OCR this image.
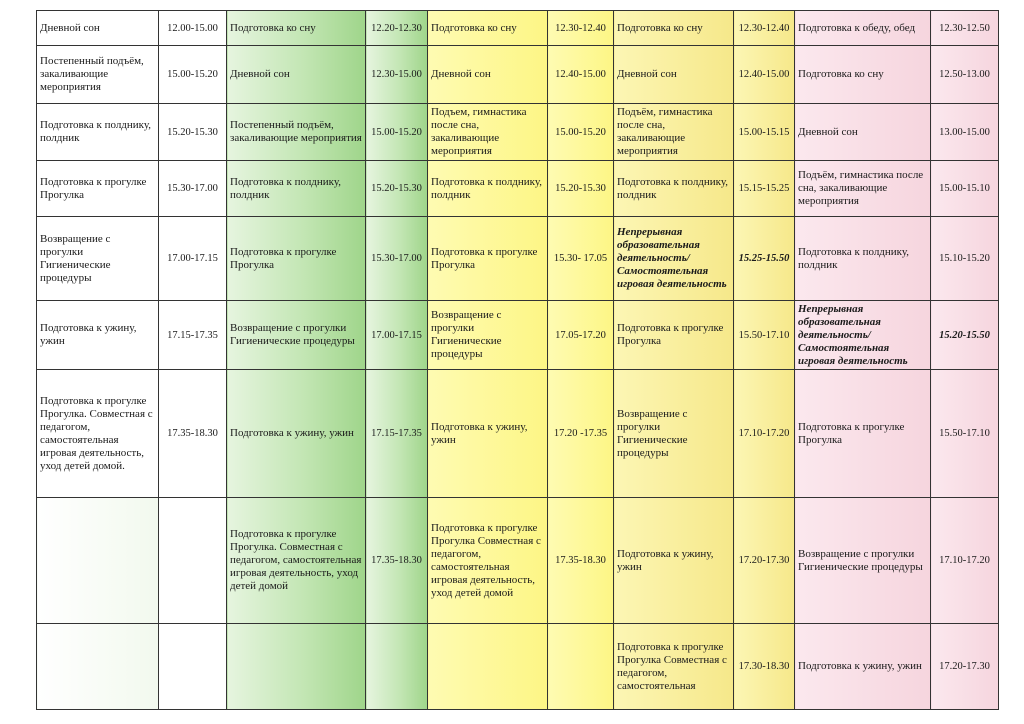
Дневной сон	12.00-15.00	Подготовка ко сну	12.20-12.30	Подготовка ко сну	12.30-12.40	Подготовка ко сну	12.30-12.40	Подготовка к обеду, обед	12.30-12.50
Постепенный подъём, закаливающие мероприятия	15.00-15.20	Дневной сон	12.30-15.00	Дневной сон	12.40-15.00	Дневной сон	12.40-15.00	Подготовка ко сну	12.50-13.00
Подготовка к полднику, полдник	15.20-15.30	Постепенный подъём, закаливающие мероприятия	15.00-15.20	Подъем, гимнастика после сна, закаливающие мероприятия	15.00-15.20	Подъём, гимнастика после сна, закаливающие мероприятия	15.00-15.15	Дневной сон	13.00-15.00
Подготовка к прогулке Прогулка	15.30-17.00	Подготовка к полднику, полдник	15.20-15.30	Подготовка к полднику, полдник	15.20-15.30	Подготовка к полднику, полдник	15.15-15.25	Подъём, гимнастика после сна, закаливающие мероприятия	15.00-15.10
Возвращение с прогулки Гигиенические процедуры	17.00-17.15	Подготовка к прогулке Прогулка	15.30-17.00	Подготовка к прогулке Прогулка	15.30- 17.05	Непрерывная образовательная деятельность/ Самостоятельная игровая деятельность	15.25-15.50	Подготовка к полднику, полдник	15.10-15.20
Подготовка к ужину, ужин	17.15-17.35	Возвращение с прогулки Гигиенические процедуры	17.00-17.15	Возвращение с прогулки Гигиенические процедуры	17.05-17.20	Подготовка к прогулке Прогулка	15.50-17.10	Непрерывная образовательная деятельность/ Самостоятельная игровая деятельность	15.20-15.50
Подготовка к прогулке Прогулка. Совместная с педагогом, самостоятельная игровая деятельность, уход детей домой.	17.35-18.30	Подготовка к ужину, ужин	17.15-17.35	Подготовка к ужину, ужин	17.20 -17.35	Возвращение с прогулки Гигиенические процедуры	17.10-17.20	Подготовка к прогулке Прогулка	15.50-17.10
		Подготовка к прогулке Прогулка. Совместная с педагогом, самостоятельная игровая деятельность, уход детей домой	17.35-18.30	Подготовка к прогулке Прогулка Совместная с педагогом, самостоятельная игровая деятельность, уход детей домой	17.35-18.30	Подготовка к ужину, ужин	17.20-17.30	Возвращение с прогулки Гигиенические процедуры	17.10-17.20
						Подготовка к прогулке Прогулка Совместная с педагогом, самостоятельная	17.30-18.30	Подготовка к ужину, ужин	17.20-17.30
